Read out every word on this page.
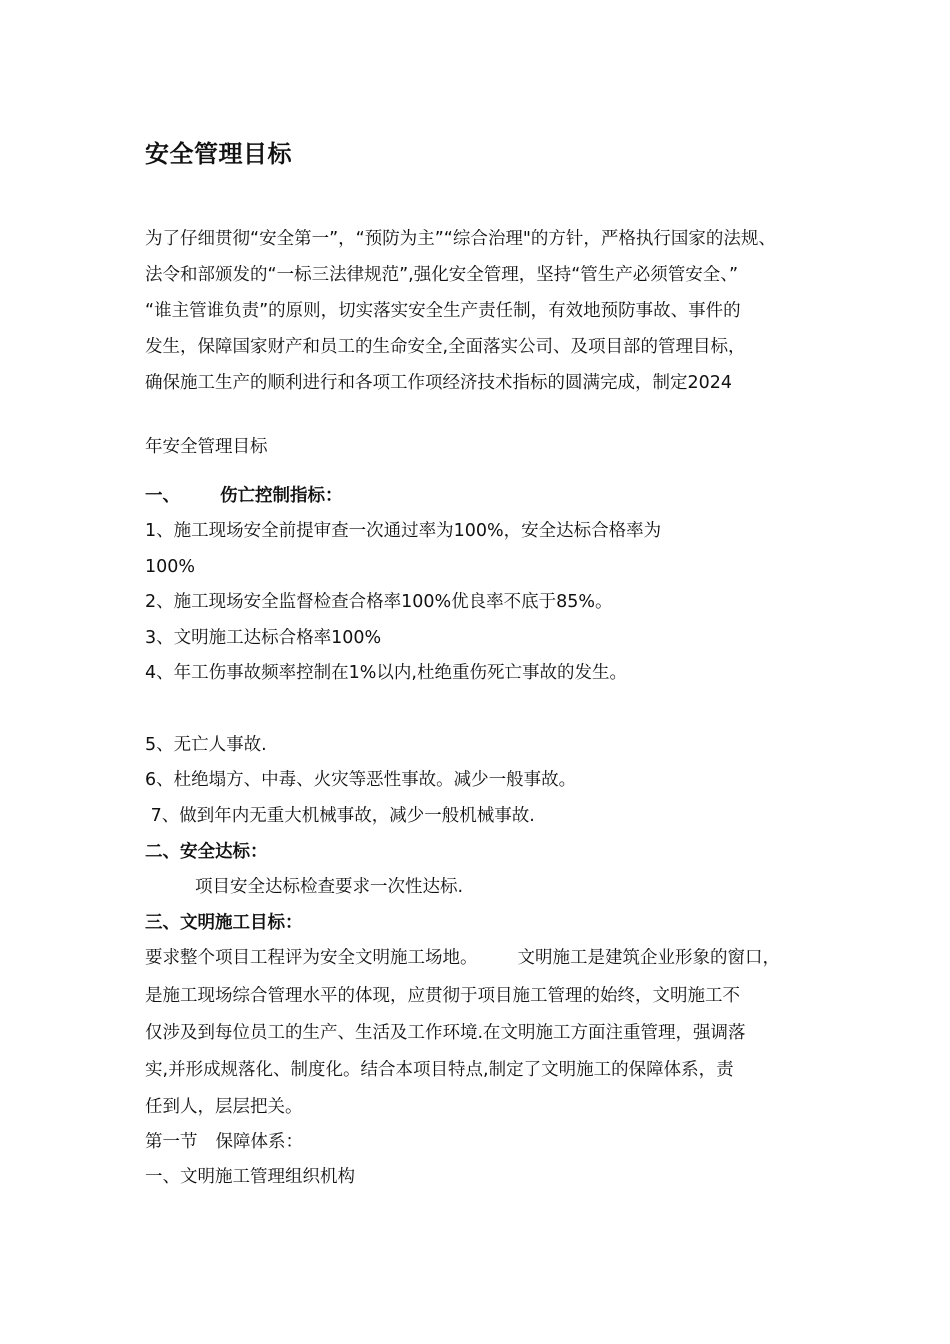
安全管理目标
为了仔细贯彻“安全第一”，“预防为主”“综合治理"的方针，严格执行国家的法规、
法令和部颁发的“一标三法律规范”,强化安全管理，坚持“管生产必须管安全、”
“谁主管谁负责”的原则，切实落实安全生产责任制，有效地预防事故、事件的
发生，保障国家财产和员工的生命安全,全面落实公司、及项目部的管理目标，
确保施工生产的顺利进行和各项工作项经济技术指标的圆满完成，制定2024

年安全管理目标

一、 伤亡控制指标：

1、施工现场安全前提审查一次通过率为100%，安全达标合格率为

100%

2、施工现场安全监督检查合格率100%优良率不底于85%。

3、文明施工达标合格率100%

4、年工伤事故频率控制在1%以内,杜绝重伤死亡事故的发生。

5、无亡人事故.

6、杜绝塌方、中毒、火灾等恶性事故。减少一般事故。

7、做到年内无重大机械事故，减少一般机械事故.

二、安全达标：

项目安全达标检查要求一次性达标.

三、文明施工目标：

要求整个项目工程评为安全文明施工场地。 文明施工是建筑企业形象的窗口，

是施工现场综合管理水平的体现，应贯彻于项目施工管理的始终，文明施工不

仅涉及到每位员工的生产、生活及工作环境.在文明施工方面注重管理，强调落

实,并形成规落化、制度化。结合本项目特点,制定了文明施工的保障体系，责

任到人，层层把关。

第一节 保障体系：

一、文明施工管理组织机构
